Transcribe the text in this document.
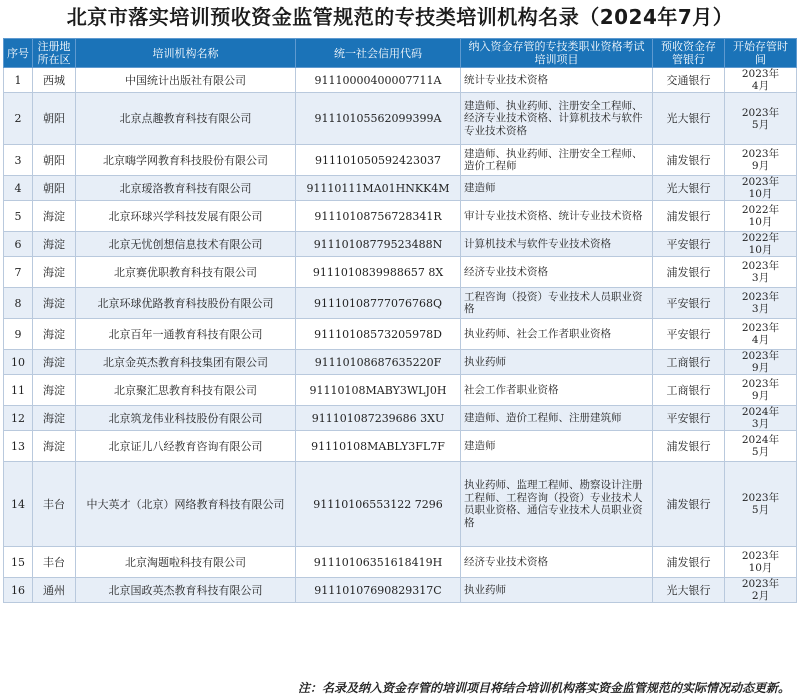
北京市落实培训预收资金监管规范的专技类培训机构名录（2024年7月）
序号	注册地所在区	培训机构名称	统一社会信用代码	纳入资金存管的专技类职业资格考试培训项目	预收资金存管银行	开始存管时间
1	西城	中国统计出版社有限公司	91110000400007711A	统计专业技术资格	交通银行	2023年
4月

2	朝阳	北京点趣教育科技有限公司	91110105562099399A	建造师、执业药师、注册安全工程师、经济专业技术资格、计算机技术与软件专业技术资格	光大银行	2023年
5月

3	朝阳	北京嗨学网教育科技股份有限公司	911101050592423037	建造师、执业药师、注册安全工程师、造价工程师	浦发银行	2023年
9月

4	朝阳	北京瑷洛教育科技有限公司	91110111MA01HNKK4M	建造师	光大银行	2023年
10月

5	海淀	北京环球兴学科技发展有限公司	91110108756728341R	审计专业技术资格、统计专业技术资格	浦发银行	2022年
10月

6	海淀	北京无忧创想信息技术有限公司	91110108779523488N	计算机技术与软件专业技术资格	平安银行	2022年
10月

7	海淀	北京赛优职教育科技有限公司	9111010839988657 8X	经济专业技术资格	浦发银行	2023年
3月

8	海淀	北京环球优路教育科技股份有限公司	91110108777076768Q	工程咨询（投资）专业技术人员职业资格	平安银行	2023年
3月

9	海淀	北京百年一通教育科技有限公司	91110108573205978D	执业药师、社会工作者职业资格	平安银行	2023年
4月

10	海淀	北京金英杰教育科技集团有限公司	91110108687635220F	执业药师	工商银行	2023年
9月

11	海淀	北京聚汇思教育科技有限公司	91110108MABY3WLJ0H	社会工作者职业资格	工商银行	2023年
9月

12	海淀	北京筑龙伟业科技股份有限公司	911101087239686 3XU	建造师、造价工程师、注册建筑师	平安银行	2024年
3月

13	海淀	北京证儿八经教育咨询有限公司	91110108MABLY3FL7F	建造师	浦发银行	2024年
5月

14	丰台	中大英才（北京）网络教育科技有限公司	91110106553122 7296	执业药师、监理工程师、勘察设计注册工程师、工程咨询（投资）专业技术人员职业资格、通信专业技术人员职业资格	浦发银行	2023年
5月

15	丰台	北京淘题啦科技有限公司	91110106351618419H	经济专业技术资格	浦发银行	2023年
10月

16	通州	北京国政英杰教育科技有限公司	91110107690829317C	执业药师	光大银行	2023年
2月
注：名录及纳入资金存管的培训项目将结合培训机构落实资金监管规范的实际情况动态更新。
